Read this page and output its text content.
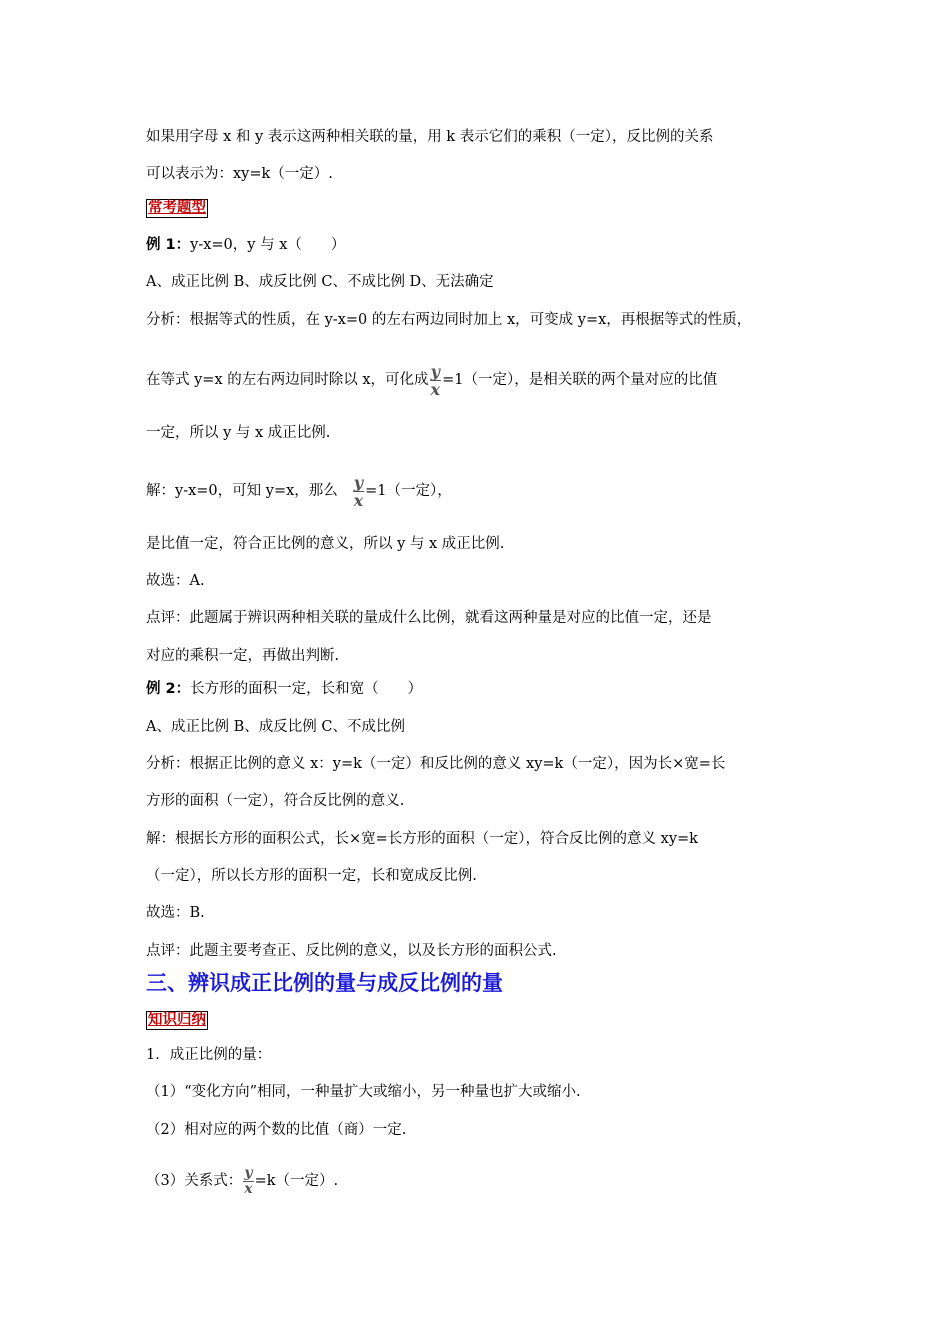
如果用字母 x 和 y 表示这两种相关联的量，用 k 表示它们的乘积（一定），反比例的关系
可以表示为：xy=k（一定）.
常考题型
例 1：y-x=0，y 与 x（　　）
A、成正比例 B、成反比例 C、不成比例 D、无法确定
分析：根据等式的性质，在 y-x=0 的左右两边同时加上 x，可变成 y=x，再根据等式的性质，
在等式 y=x 的左右两边同时除以 x，可化成 $\frac{y}{x} =1$（一定），是相关联的两个量对应的比值
一定，所以 y 与 x 成正比例.
解：y-x=0，可知 y=x，那么 $\frac{y}{x} =1$（一定），
是比值一定，符合正比例的意义，所以 y 与 x 成正比例.
故选：A.
点评：此题属于辨识两种相关联的量成什么比例，就看这两种量是对应的比值一定，还是
对应的乘积一定，再做出判断.
例 2：长方形的面积一定，长和宽（　　）
A、成正比例 B、成反比例 C、不成比例
分析：根据正比例的意义 x：y=k（一定）和反比例的意义 xy=k（一定），因为长×宽=长
方形的面积（一定），符合反比例的意义.
解：根据长方形的面积公式，长×宽=长方形的面积（一定），符合反比例的意义 xy=k
（一定），所以长方形的面积一定，长和宽成反比例.
故选：B.
点评：此题主要考查正、反比例的意义，以及长方形的面积公式.
三、辨识成正比例的量与成反比例的量
知识归纳
1．成正比例的量：
（1）“变化方向”相同，一种量扩大或缩小，另一种量也扩大或缩小.
（2）相对应的两个数的比值（商）一定.
（3）关系式： $\frac{y}{x} =k$（一定）.
